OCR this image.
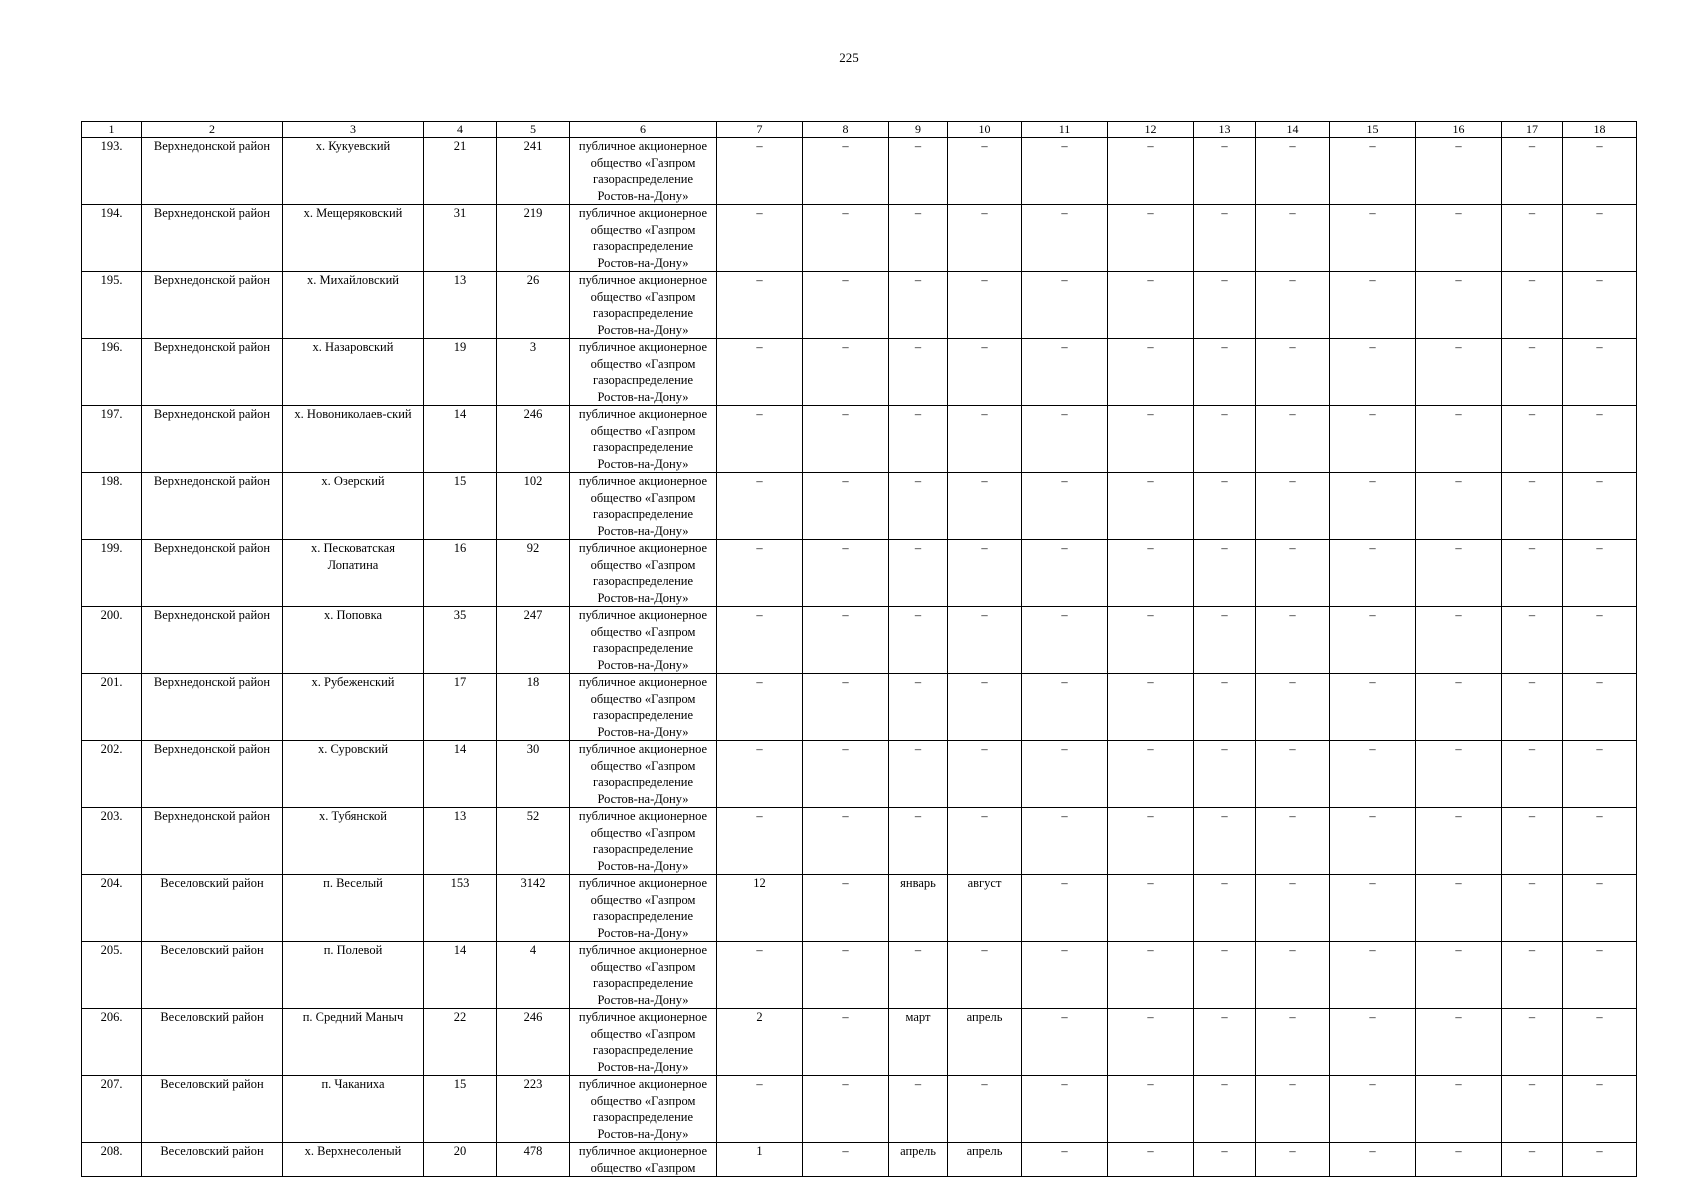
225
1	2	3	4	5	6	7	8	9	10	11	12	13	14	15	16	17	18
193.	Верхнедонской район	х. Кукуевский	21	241	публичное акционерное общество «Газпром газораспределение Ростов-на-Дону»	–	–	–	–	–	–	–	–	–	–	–	–
194.	Верхнедонской район	х. Мещеряковский	31	219	публичное акционерное общество «Газпром газораспределение Ростов-на-Дону»	–	–	–	–	–	–	–	–	–	–	–	–
195.	Верхнедонской район	х. Михайловский	13	26	публичное акционерное общество «Газпром газораспределение Ростов-на-Дону»	–	–	–	–	–	–	–	–	–	–	–	–
196.	Верхнедонской район	х. Назаровский	19	3	публичное акционерное общество «Газпром газораспределение Ростов-на-Дону»	–	–	–	–	–	–	–	–	–	–	–	–
197.	Верхнедонской район	х. Новониколаев-ский	14	246	публичное акционерное общество «Газпром газораспределение Ростов-на-Дону»	–	–	–	–	–	–	–	–	–	–	–	–
198.	Верхнедонской район	х. Озерский	15	102	публичное акционерное общество «Газпром газораспределение Ростов-на-Дону»	–	–	–	–	–	–	–	–	–	–	–	–
199.	Верхнедонской район	х. Песковатская Лопатина	16	92	публичное акционерное общество «Газпром газораспределение Ростов-на-Дону»	–	–	–	–	–	–	–	–	–	–	–	–
200.	Верхнедонской район	х. Поповка	35	247	публичное акционерное общество «Газпром газораспределение Ростов-на-Дону»	–	–	–	–	–	–	–	–	–	–	–	–
201.	Верхнедонской район	х. Рубеженский	17	18	публичное акционерное общество «Газпром газораспределение Ростов-на-Дону»	–	–	–	–	–	–	–	–	–	–	–	–
202.	Верхнедонской район	х. Суровский	14	30	публичное акционерное общество «Газпром газораспределение Ростов-на-Дону»	–	–	–	–	–	–	–	–	–	–	–	–
203.	Верхнедонской район	х. Тубянской	13	52	публичное акционерное общество «Газпром газораспределение Ростов-на-Дону»	–	–	–	–	–	–	–	–	–	–	–	–
204.	Веселовский район	п. Веселый	153	3142	публичное акционерное общество «Газпром газораспределение Ростов-на-Дону»	12	–	январь	август	–	–	–	–	–	–	–	–
205.	Веселовский район	п. Полевой	14	4	публичное акционерное общество «Газпром газораспределение Ростов-на-Дону»	–	–	–	–	–	–	–	–	–	–	–	–
206.	Веселовский район	п. Средний Маныч	22	246	публичное акционерное общество «Газпром газораспределение Ростов-на-Дону»	2	–	март	апрель	–	–	–	–	–	–	–	–
207.	Веселовский район	п. Чаканиха	15	223	публичное акционерное общество «Газпром газораспределение Ростов-на-Дону»	–	–	–	–	–	–	–	–	–	–	–	–
208.	Веселовский район	х. Верхнесоленый	20	478	публичное акционерное общество «Газпром	1	–	апрель	апрель	–	–	–	–	–	–	–	–
